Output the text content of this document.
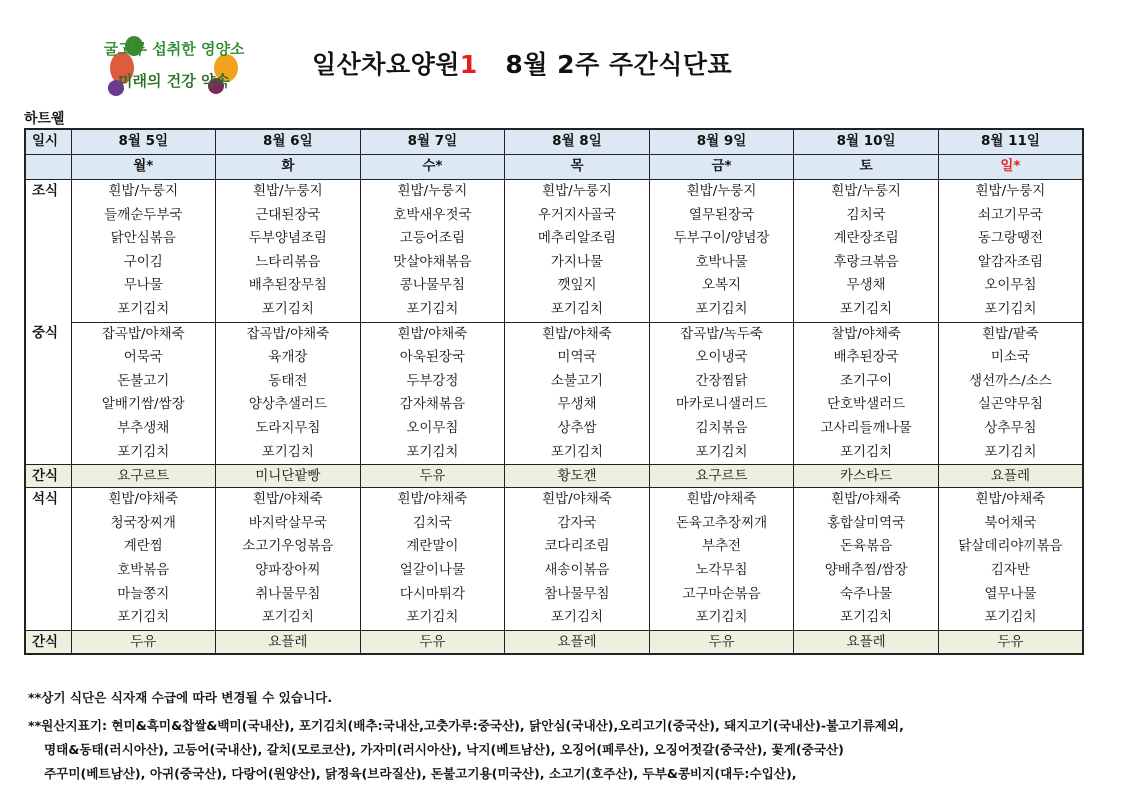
굴고루 섭취한 영양소
미래의 건강 약속
일산차요양원1   8월 2주 주간식단표
하트웰
일시	8월 5일	8월 6일	8월 7일	8월 8일	8월 9일	8월 10일	8월 11일
	월*	화	수*	목	금*	토	일*
조식	흰밥/누룽지	흰밥/누룽지	흰밥/누룽지	흰밥/누룽지	흰밥/누룽지	흰밥/누룽지	흰밥/누룽지
	들깨순두부국	근대된장국	호박새우젓국	우거지사골국	열무된장국	김치국	쇠고기무국
	닭안심볶음	두부양념조림	고등어조림	메추리알조림	두부구이/양념장	계란장조림	동그랑땡전
	구이김	느타리볶음	맛살야채볶음	가지나물	호박나물	후랑크볶음	알감자조림
	무나물	배추된장무침	콩나물무침	깻잎지	오복지	무생채	오이무침
	포기김치	포기김치	포기김치	포기김치	포기김치	포기김치	포기김치
중식	잡곡밥/야채죽	잡곡밥/야채죽	흰밥/야채죽	흰밥/야채죽	잡곡밥/녹두죽	찰밥/야채죽	흰밥/팥죽
	어묵국	육개장	아욱된장국	미역국	오이냉국	배추된장국	미소국
	돈불고기	동태전	두부강정	소불고기	간장찜닭	조기구이	생선까스/소스
	알배기쌈/쌈장	양상추샐러드	감자채볶음	무생채	마카로니샐러드	단호박샐러드	실곤약무침
	부추생채	도라지무침	오이무침	상추쌈	김치볶음	고사리들깨나물	상추무침
	포기김치	포기김치	포기김치	포기김치	포기김치	포기김치	포기김치
간식	요구르트	미니단팥빵	두유	황도캔	요구르트	카스타드	요플레
석식	흰밥/야채죽	흰밥/야채죽	흰밥/야채죽	흰밥/야채죽	흰밥/야채죽	흰밥/야채죽	흰밥/야채죽
	청국장찌개	바지락살무국	김치국	감자국	돈육고추장찌개	홍합살미역국	북어채국
	계란찜	소고기우엉볶음	계란말이	코다리조림	부추전	돈육볶음	닭살데리야끼볶음
	호박볶음	양파장아찌	얼갈이나물	새송이볶음	노각무침	양배추찜/쌈장	김자반
	마늘쫑지	취나물무침	다시마튀각	참나물무침	고구마순볶음	숙주나물	열무나물
	포기김치	포기김치	포기김치	포기김치	포기김치	포기김치	포기김치
간식	두유	요플레	두유	요플레	두유	요플레	두유
**상기 식단은 식자재 수급에 따라 변경될 수 있습니다.
**원산지표기: 현미&흑미&찹쌀&백미(국내산), 포기김치(배추:국내산,고춧가루:중국산), 닭안심(국내산),오리고기(중국산), 돼지고기(국내산)-불고기류제외,
명태&동태(러시아산), 고등어(국내산), 갈치(모로코산), 가자미(러시아산), 낙지(베트남산), 오징어(페루산), 오징어젓갈(중국산), 꽃게(중국산)
주꾸미(베트남산), 아귀(중국산), 다랑어(원양산), 닭정육(브라질산), 돈불고기용(미국산), 소고기(호주산), 두부&콩비지(대두:수입산),
